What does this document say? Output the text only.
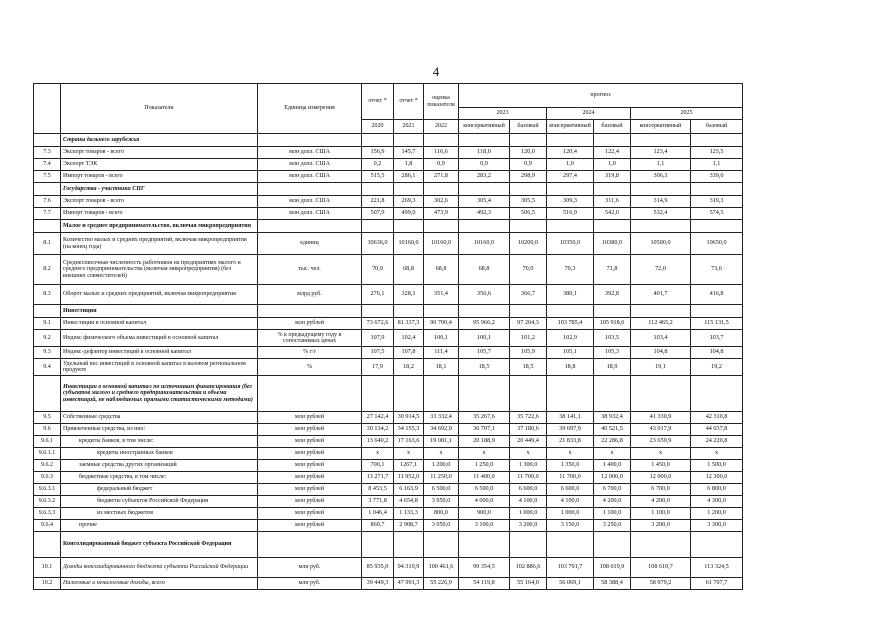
4
	Показатели	Единица измерения	отчет *	отчет *	оценка показателя	прогноз					
						2023		2024		2025	
			2020	2021	2022	консервативный	базовый	консервативный	базовый	консервативный	базовый
	Страны дальнего зарубежья										
7.3	Экспорт товаров - всего	млн долл. США	156,9	145,7	116,6	118,0	120,0	120,4	122,4	123,4	125,5
7.4	Экспорт ТЭК	млн долл. США	0,2	1,8	0,9	0,9	0,9	1,0	1,0	1,1	1,1
7.5	Импорт товаров - всего	млн долл. США	515,5	286,1	271,8	283,2	298,9	297,4	319,8	306,3	339,0
	Государства - участники СНГ										
7.6	Экспорт товаров - всего	млн долл. США	221,8	269,3	302,6	305,4	305,5	309,3	311,6	314,9	319,3
7.7	Импорт товаров - всего	млн долл. США	507,9	499,0	473,9	492,3	506,5	516,9	542,0	532,4	574,5
	Малое и среднее предпринимательство, включая микропредприятия										
8.1	Количество малых и средних предприятий, включая микропредприятия (на конец года)	единиц	10636,0	10160,0	10160,0	10160,0	10200,0	10350,0	10380,0	10500,0	10650,0
8.2	Среднесписочная численность работников на предприятиях малого и среднего предпринимательства (включая микропредприятия) (без внешних совместителей)	тыс. чел.	70,9	68,8	68,8	68,8	70,0	70,3	71,8	72,0	73,6
8.3	Оборот малых и средних предприятий, включая микропредприятия	млрд руб.	276,1	328,1	351,4	356,6	366,7	380,1	392,8	401,7	416,8
	Инвестиции										
9.1	Инвестиции в основной капитал	млн рублей	73 672,6	81 337,3	90 700,4	95 966,2	97 204,3	103 785,4	105 918,6	112 465,2	115 131,5
9.2	Индекс физического объема инвестиций в основной капитал	% к предыдущему году в сопоставимых ценах	107,9	102,4	100,1	100,1	101,2	102,9	103,5	103,4	103,7
9.3	Индекс-дефлятор инвестиций в основной капитал	% г/г	107,5	107,8	111,4	105,7	105,9	105,1	105,3	104,8	104,8
9.4	Удельный вес инвестиций в основной капитал в валовом региональном продукте	%	17,9	18,2	18,1	18,5	18,5	18,8	18,9	19,1	19,2
	Инвестиции в основной капитал по источникам финансирования (без субъектов малого и среднего предпринимательства и объема инвестиций, не наблюдаемых прямыми статистическими методами)										
9.5	Собственные средства	млн рублей	27 142,4	30 914,5	33 332,4	35 267,6	35 722,6	38 141,1	38 932,4	41 330,9	42 310,8
9.6	Привлеченные средства, из них:	млн рублей	30 134,2	34 155,3	34 692,9	36 707,1	37 180,6	39 697,9	40 521,5	43 017,9	44 037,8
9.6.1	кредиты банков, в том числе:	млн рублей	13 640,2	17 163,6	19 081,1	20 188,9	20 449,4	21 833,8	22 286,8	23 659,9	24 220,8
9.6.1.1	кредиты иностранных банков	млн рублей	x	x	x	x	x	x	x	x	x
9.6.2	заемные средства других организаций	млн рублей	700,1	1267,1	1 200,0	1 250,0	1 300,0	1 350,0	1 400,0	1 450,0	1 500,0
9.6.3	бюджетные средства, в том числе:	млн рублей	13 271,7	11 952,0	11 250,0	11 400,0	11 700,0	11 700,0	12 000,0	12 000,0	12 300,0
9.6.3.1	федеральный бюджет	млн рублей	8 453,5	6 163,9	6 500,0	6 500,0	6 600,0	6 600,0	6 700,0	6 700,0	6 800,0
9.6.3.2	бюджеты субъектов Российской Федерации	млн рублей	3 771,8	4 654,8	3 950,0	4 000,0	4 100,0	4 100,0	4 200,0	4 200,0	4 300,0
9.6.3.3	из местных бюджетов	млн рублей	1 046,4	1 133,3	800,0	900,0	1 000,0	1 000,0	1 100,0	1 100,0	1 200,0
9.6.4	прочие	млн рублей	860,7	2 908,7	3 050,0	3 100,0	3 200,0	3 150,0	3 250,0	3 200,0	3 300,0
	Консолидированный бюджет субъекта Российской Федерации										
10.1	Доходы консолидированного бюджета субъекта Российской Федерации	млн руб.	85 935,0	94 310,9	100 461,6	99 354,5	102 886,6	103 791,7	108 019,9	108 610,7	113 324,5
10.2	Налоговые и неналоговые доходы, всего	млн руб.	39 449,3	47 991,3	55 226,9	54 119,8	55 164,0	56 069,1	58 388,4	58 979,2	61 707,7
